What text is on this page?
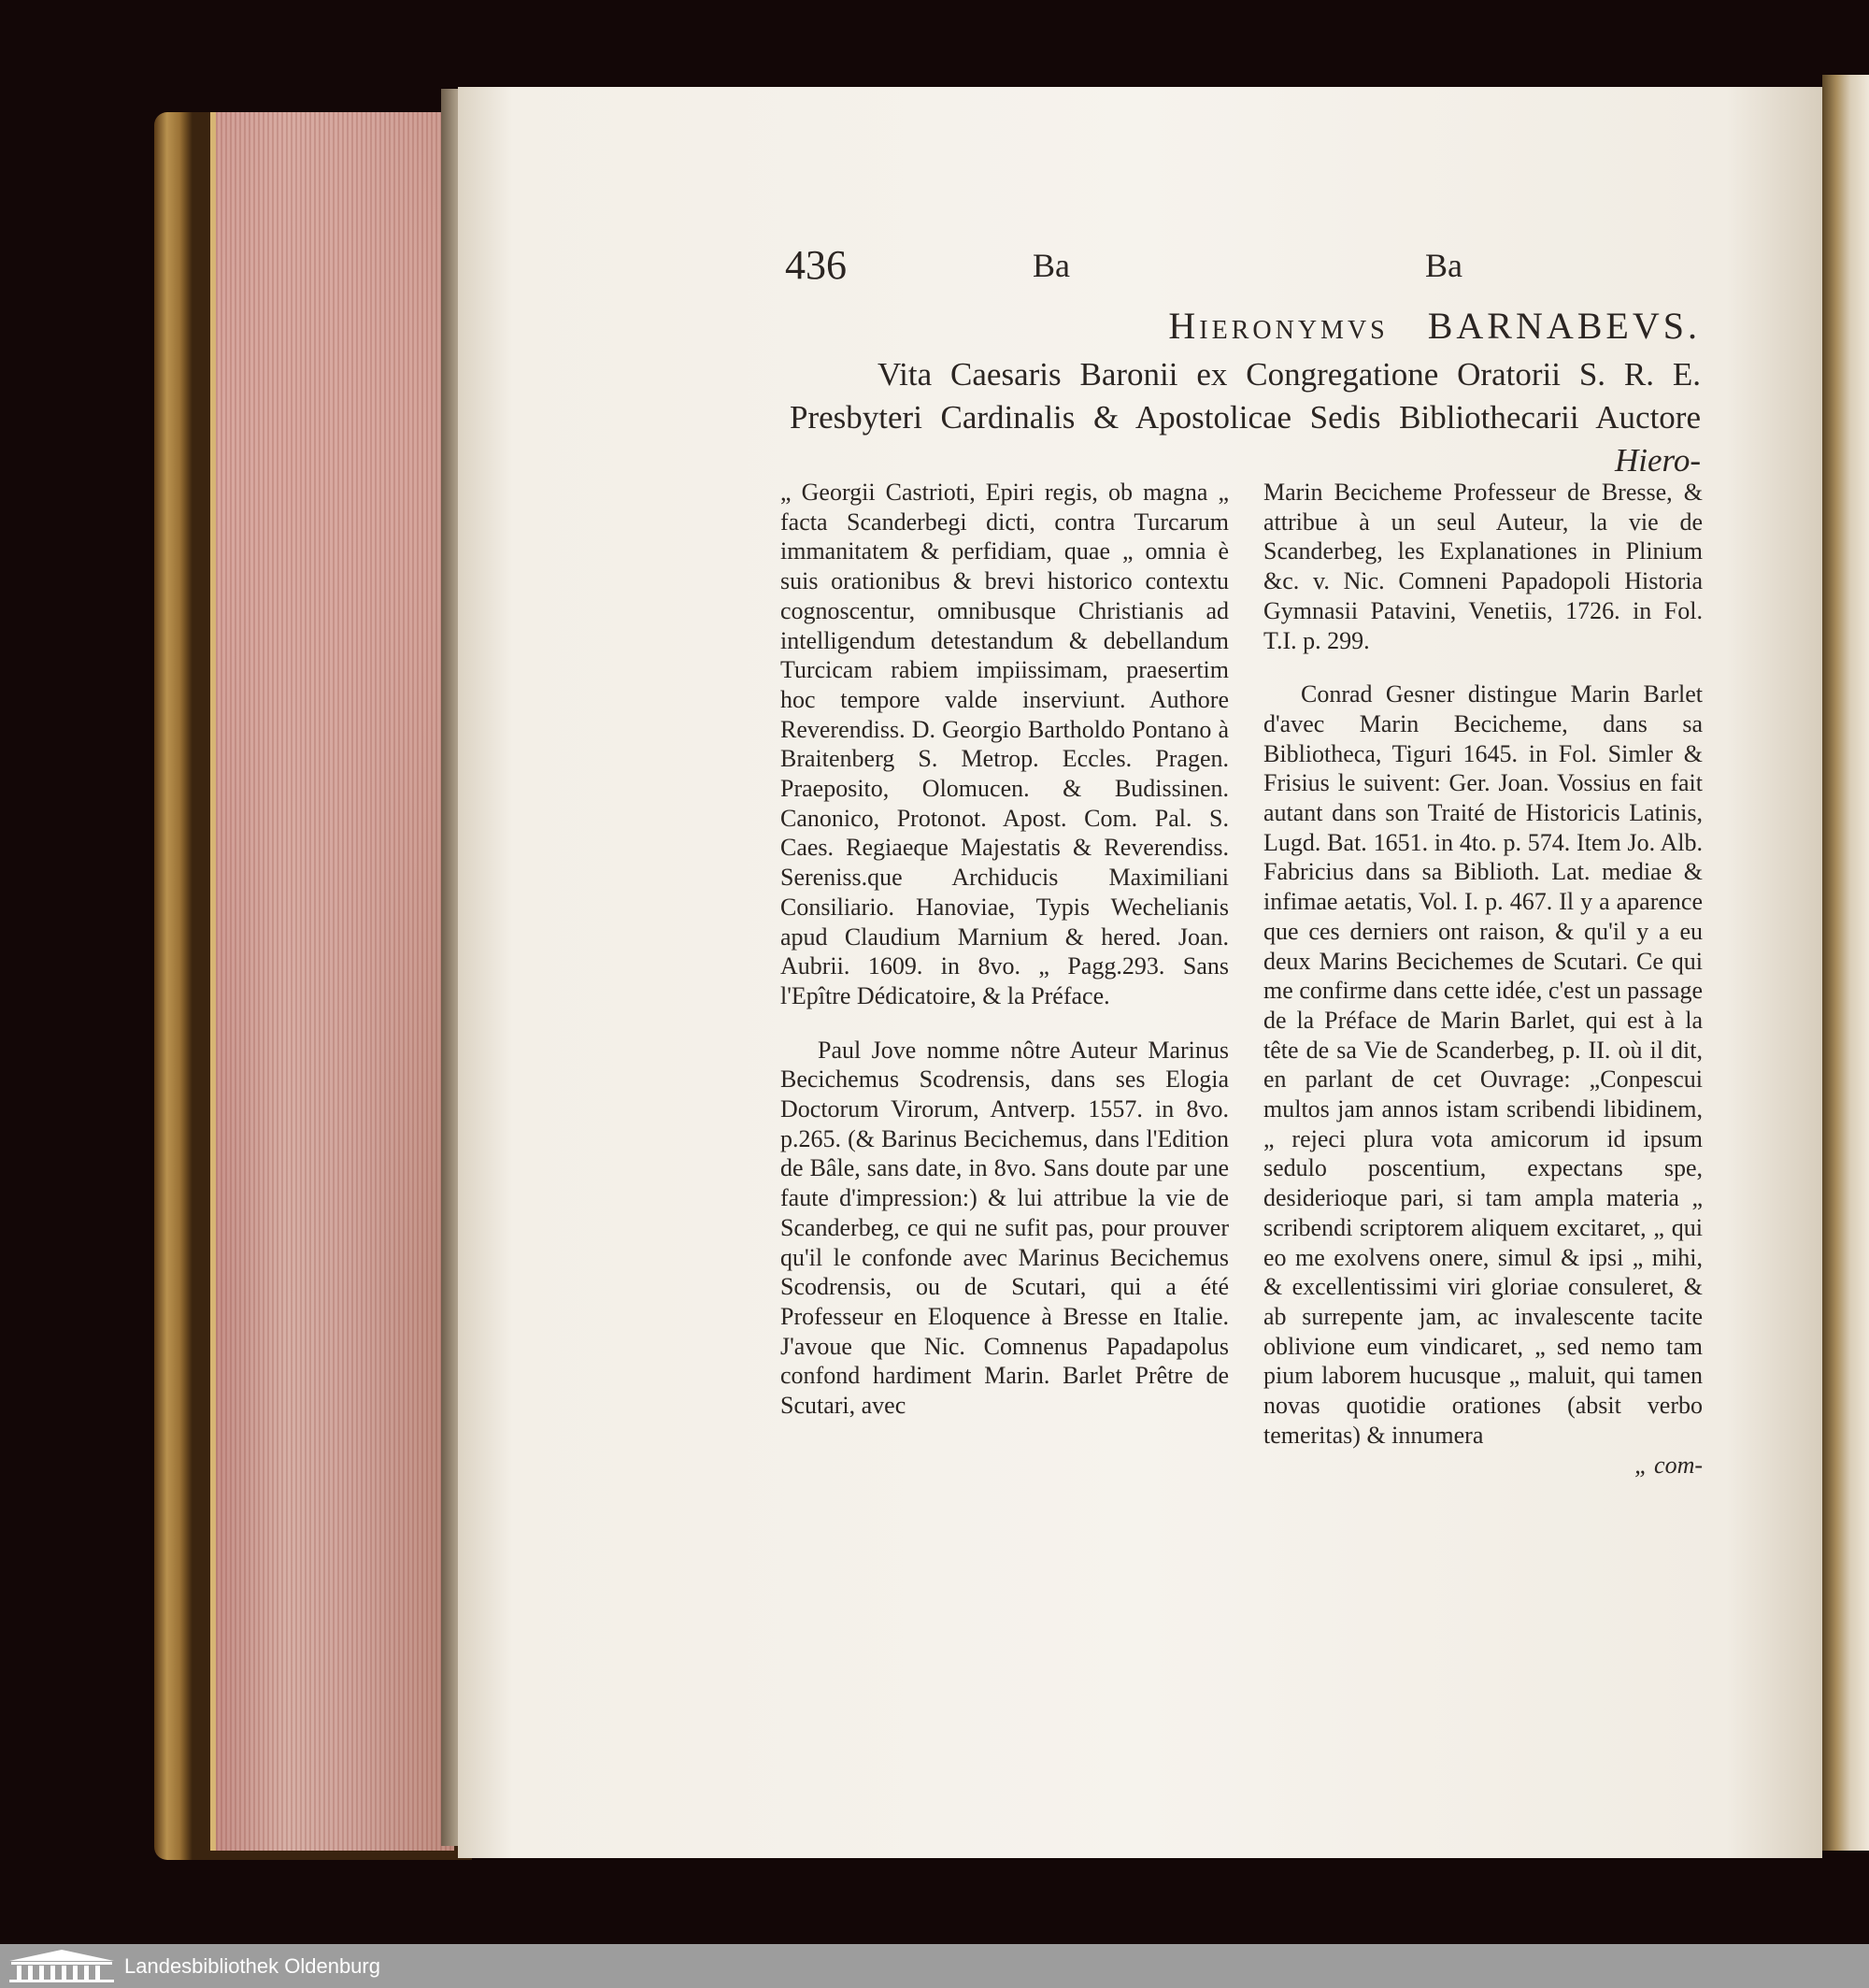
436	Ba	Ba
Hieronymvs BARNABEVS.
Vita Caesaris Baronii ex Congregatione Oratorii S. R. E.
Presbyteri Cardinalis & Apostolicae Sedis Bibliothecarii Auctore
Hiero-

„ Georgii Castrioti, Epiri regis, ob magna „ facta Scanderbegi dicti, contra Turcarum immanitatem & perfidiam, quae „ omnia è suis orationibus & brevi historico contextu cognoscentur, omnibusque Christianis ad intelligendum detestandum & debellandum Turcicam rabiem impiissimam, praesertim hoc tempore valde inserviunt. Authore Reverendiss. D. Georgio Bartholdo Pontano à Braitenberg S. Metrop. Eccles. Pragen. Praeposito, Olomucen. & Budissinen. Canonico, Protonot. Apost. Com. Pal. S. Caes. Regiaeque Majestatis & Reverendiss. Sereniss.que Archiducis Maximiliani Consiliario. Hanoviae, Typis Wechelianis apud Claudium Marnium & hered. Joan. Aubrii. 1609. in 8vo. „ Pagg.293. Sans l'Epître Dédicatoire, & la Préface.

Paul Jove nomme nôtre Auteur Marinus Becichemus Scodrensis, dans ses Elogia Doctorum Virorum, Antverp. 1557. in 8vo. p.265. (& Barinus Becichemus, dans l'Edition de Bâle, sans date, in 8vo. Sans doute par une faute d'impression:) & lui attribue la vie de Scanderbeg, ce qui ne sufit pas, pour prouver qu'il le confonde avec Marinus Becichemus Scodrensis, ou de Scutari, qui a été Professeur en Eloquence à Bresse en Italie. J'avoue que Nic. Comnenus Papadapolus confond hardiment Marin. Barlet Prêtre de Scutari, avec

Marin Becicheme Professeur de Bresse, & attribue à un seul Auteur, la vie de Scanderbeg, les Explanationes in Plinium &c. v. Nic. Comneni Papadopoli Historia Gymnasii Patavini, Venetiis, 1726. in Fol. T.I. p. 299.

Conrad Gesner distingue Marin Barlet d'avec Marin Becicheme, dans sa Bibliotheca, Tiguri 1645. in Fol. Simler & Frisius le suivent: Ger. Joan. Vossius en fait autant dans son Traité de Historicis Latinis, Lugd. Bat. 1651. in 4to. p. 574. Item Jo. Alb. Fabricius dans sa Biblioth. Lat. mediae & infimae aetatis, Vol. I. p. 467. Il y a aparence que ces derniers ont raison, & qu'il y a eu deux Marins Becichemes de Scutari. Ce qui me confirme dans cette idée, c'est un passage de la Préface de Marin Barlet, qui est à la tête de sa Vie de Scanderbeg, p. II. où il dit, en parlant de cet Ouvrage: „Conpescui multos jam annos istam scribendi libidinem, „ rejeci plura vota amicorum id ipsum sedulo poscentium, expectans spe, desiderioque pari, si tam ampla materia „ scribendi scriptorem aliquem excitaret, „ qui eo me exolvens onere, simul & ipsi „ mihi, & excellentissimi viri gloriae consuleret, & ab surrepente jam, ac invalescente tacite oblivione eum vindicaret, „ sed nemo tam pium laborem hucusque „ maluit, qui tamen novas quotidie orationes (absit verbo temeritas) & innumera

„ com-

Landesbibliothek Oldenburg
